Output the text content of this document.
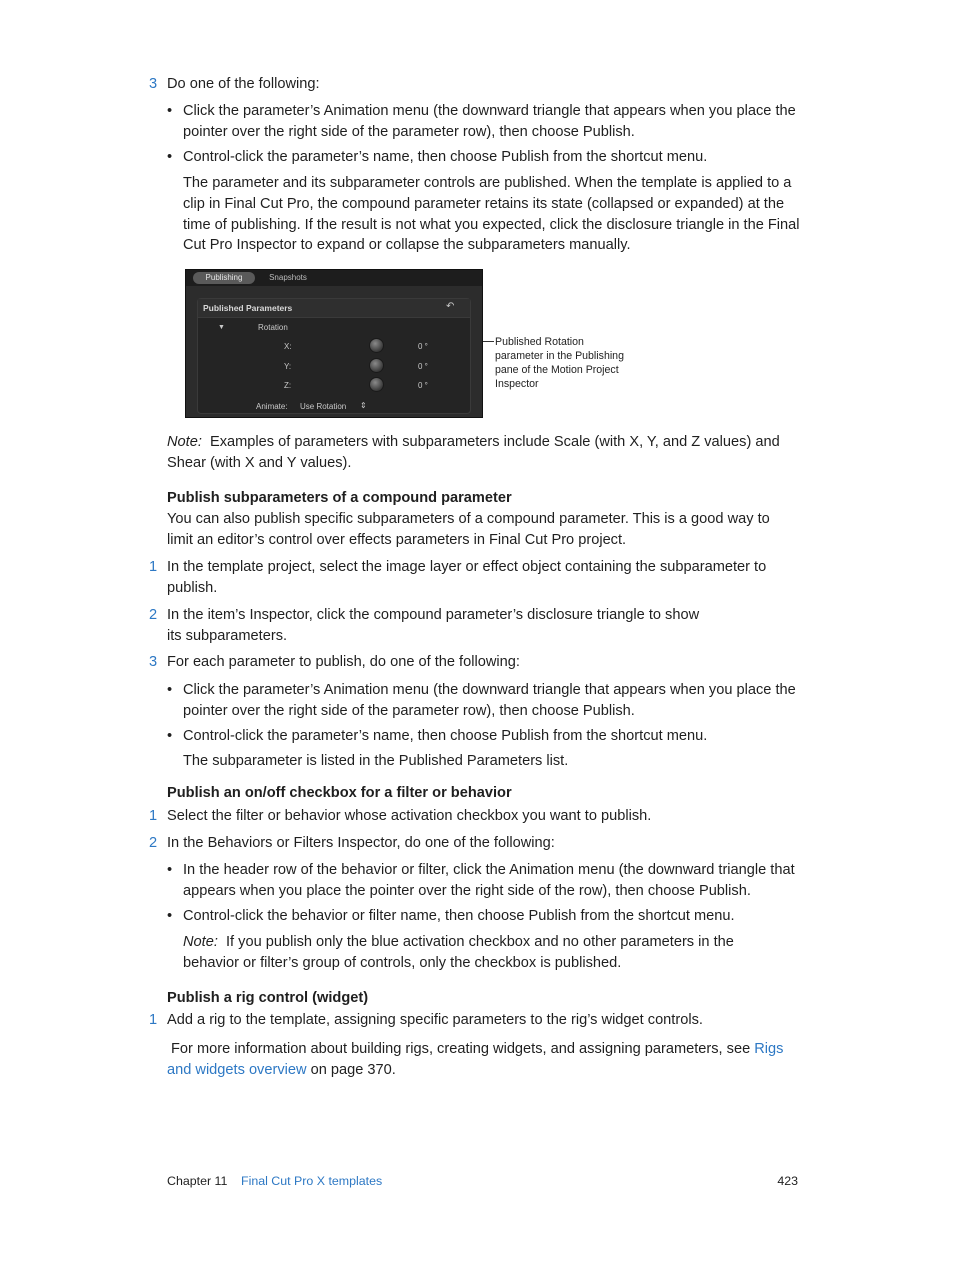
3 Do one of the following:
• Click the parameter’s Animation menu (the downward triangle that appears when you place the pointer over the right side of the parameter row), then choose Publish.
• Control-click the parameter’s name, then choose Publish from the shortcut menu.
The parameter and its subparameter controls are published. When the template is applied to a clip in Final Cut Pro, the compound parameter retains its state (collapsed or expanded) at the time of publishing. If the result is not what you expected, click the disclosure triangle in the Final Cut Pro Inspector to expand or collapse the subparameters manually.
Publishing	Snapshots
Published Parameters	↶
▼	Rotation
X:	0 °
Y:	0 °
Z:	0 °
Animate: Use Rotation ⇕
Published Rotation parameter in the Publishing pane of the Motion Project Inspector
Note: Examples of parameters with subparameters include Scale (with X, Y, and Z values) and Shear (with X and Y values).
Publish subparameters of a compound parameter
You can also publish specific subparameters of a compound parameter. This is a good way to limit an editor’s control over effects parameters in Final Cut Pro project.
1 In the template project, select the image layer or effect object containing the subparameter to publish.
2 In the item’s Inspector, click the compound parameter’s disclosure triangle to show its subparameters.
3 For each parameter to publish, do one of the following:
• Click the parameter’s Animation menu (the downward triangle that appears when you place the pointer over the right side of the parameter row), then choose Publish.
• Control-click the parameter’s name, then choose Publish from the shortcut menu.
The subparameter is listed in the Published Parameters list.
Publish an on/off checkbox for a filter or behavior
1 Select the filter or behavior whose activation checkbox you want to publish.
2 In the Behaviors or Filters Inspector, do one of the following:
• In the header row of the behavior or filter, click the Animation menu (the downward triangle that appears when you place the pointer over the right side of the row), then choose Publish.
• Control-click the behavior or filter name, then choose Publish from the shortcut menu.
Note: If you publish only the blue activation checkbox and no other parameters in the behavior or filter’s group of controls, only the checkbox is published.
Publish a rig control (widget)
1 Add a rig to the template, assigning specific parameters to the rig’s widget controls.
For more information about building rigs, creating widgets, and assigning parameters, see Rigs and widgets overview on page 370.
Chapter 11 Final Cut Pro X templates	423
